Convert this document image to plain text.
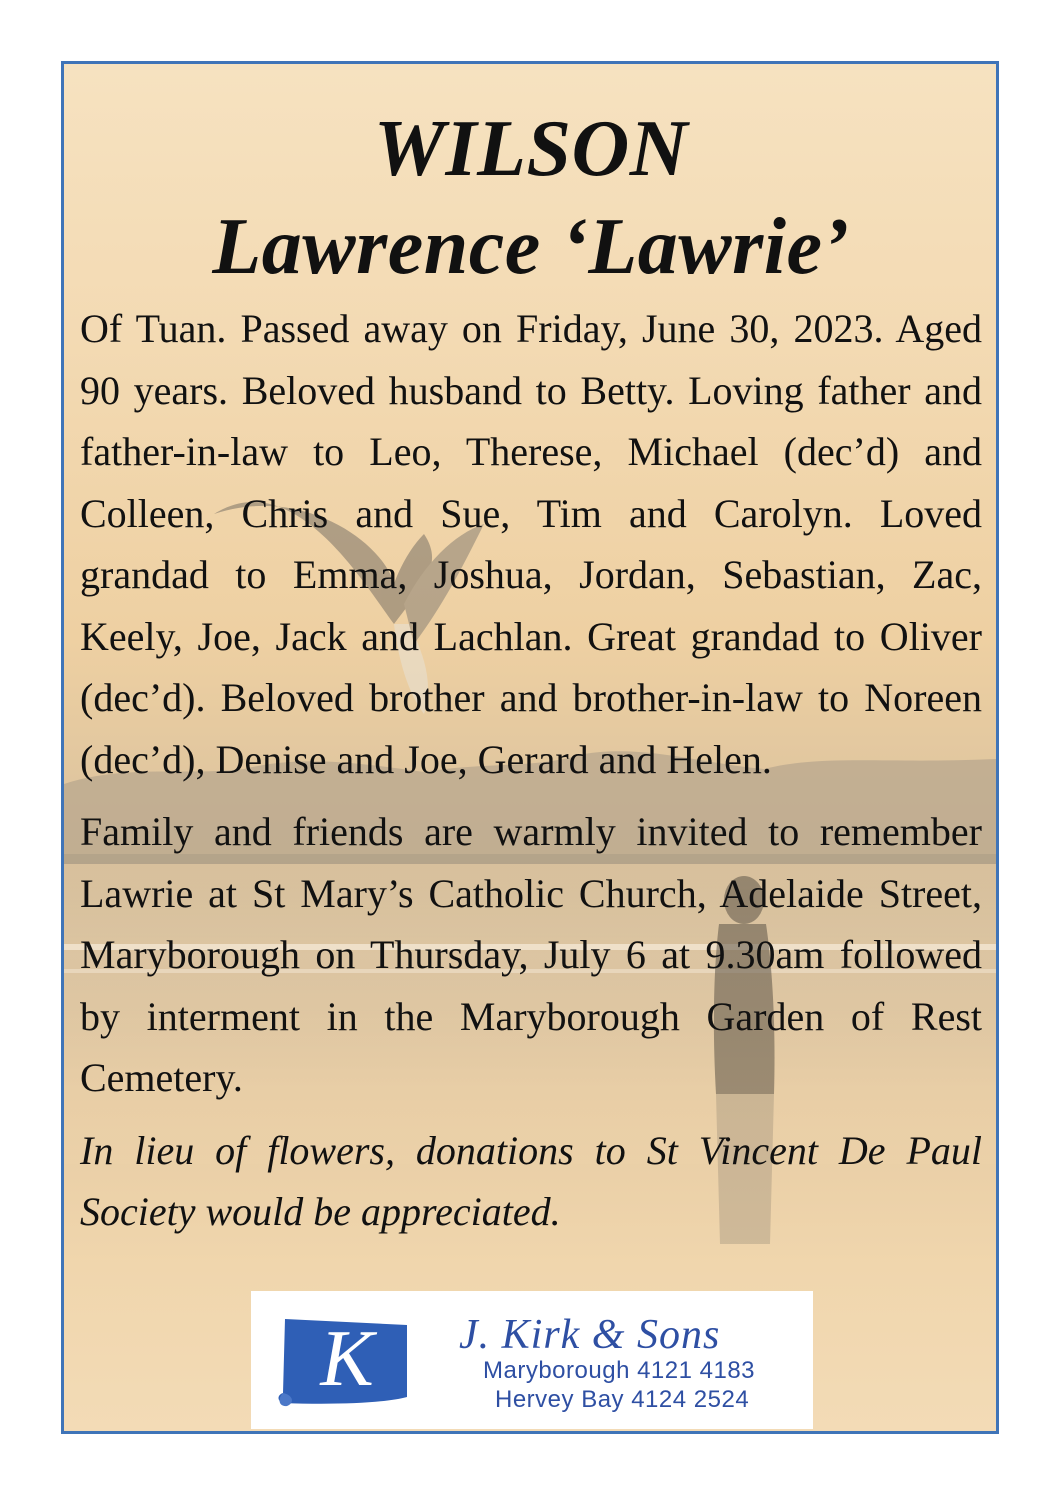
WILSON
Lawrence ‘Lawrie’

Of Tuan. Passed away on Friday, June 30, 2023. Aged 90 years. Beloved husband to Betty. Loving father and father-in-law to Leo, Therese, Michael (dec’d) and Colleen, Chris and Sue, Tim and Carolyn. Loved grandad to Emma, Joshua, Jordan, Sebastian, Zac, Keely, Joe, Jack and Lachlan. Great grandad to Oliver (dec’d). Beloved brother and brother-in-law to Noreen (dec’d), Denise and Joe, Gerard and Helen.

Family and friends are warmly invited to remember Lawrie at St Mary’s Catholic Church, Adelaide Street, Maryborough on Thursday, July 6 at 9.30am followed by interment in the Maryborough Garden of Rest Cemetery.

In lieu of flowers, donations to St Vincent De Paul Society would be appreciated.

K J. Kirk & Sons
Maryborough 4121 4183
Hervey Bay 4124 2524
